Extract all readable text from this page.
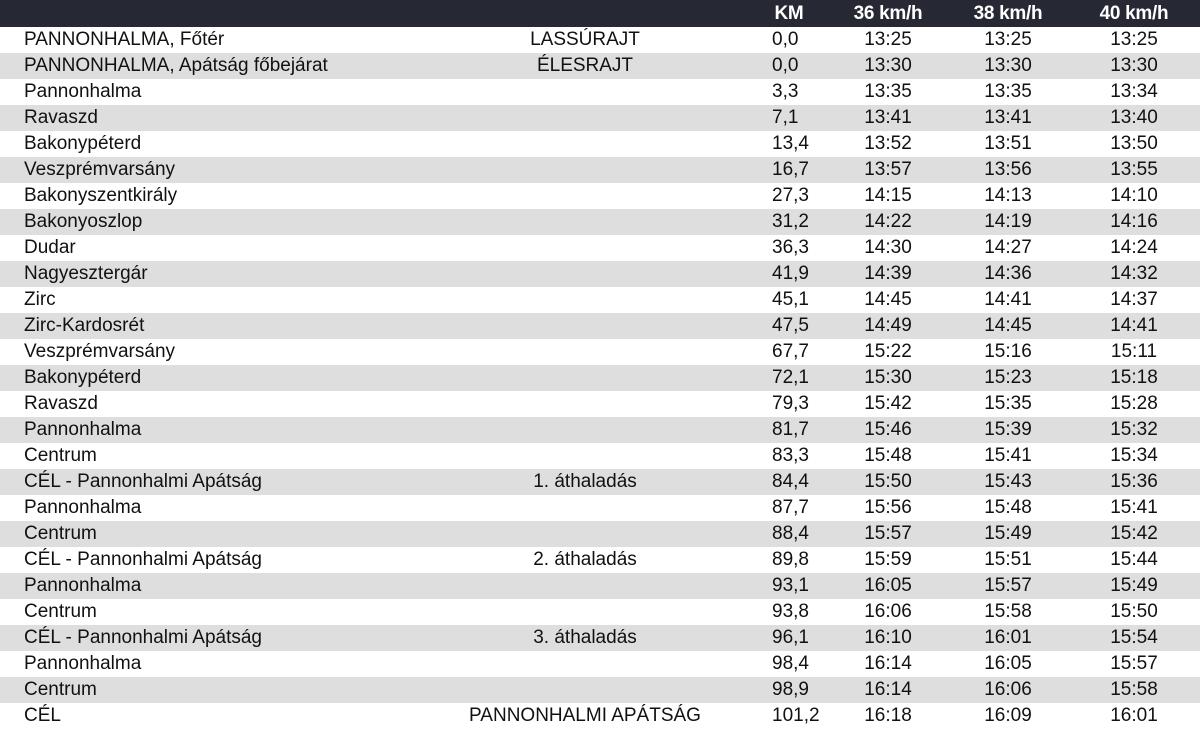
		KM	36 km/h	38 km/h	40 km/h
PANNONHALMA, Főtér	LASSÚRAJT	0,0	13:25	13:25	13:25
PANNONHALMA, Apátság főbejárat	ÉLESRAJT	0,0	13:30	13:30	13:30
Pannonhalma		3,3	13:35	13:35	13:34
Ravaszd		7,1	13:41	13:41	13:40
Bakonypéterd		13,4	13:52	13:51	13:50
Veszprémvarsány		16,7	13:57	13:56	13:55
Bakonyszentkirály		27,3	14:15	14:13	14:10
Bakonyoszlop		31,2	14:22	14:19	14:16
Dudar		36,3	14:30	14:27	14:24
Nagyesztergár		41,9	14:39	14:36	14:32
Zirc		45,1	14:45	14:41	14:37
Zirc-Kardosrét		47,5	14:49	14:45	14:41
Veszprémvarsány		67,7	15:22	15:16	15:11
Bakonypéterd		72,1	15:30	15:23	15:18
Ravaszd		79,3	15:42	15:35	15:28
Pannonhalma		81,7	15:46	15:39	15:32
Centrum		83,3	15:48	15:41	15:34
CÉL - Pannonhalmi Apátság	1. áthaladás	84,4	15:50	15:43	15:36
Pannonhalma		87,7	15:56	15:48	15:41
Centrum		88,4	15:57	15:49	15:42
CÉL - Pannonhalmi Apátság	2. áthaladás	89,8	15:59	15:51	15:44
Pannonhalma		93,1	16:05	15:57	15:49
Centrum		93,8	16:06	15:58	15:50
CÉL - Pannonhalmi Apátság	3. áthaladás	96,1	16:10	16:01	15:54
Pannonhalma		98,4	16:14	16:05	15:57
Centrum		98,9	16:14	16:06	15:58
CÉL	PANNONHALMI APÁTSÁG	101,2	16:18	16:09	16:01
